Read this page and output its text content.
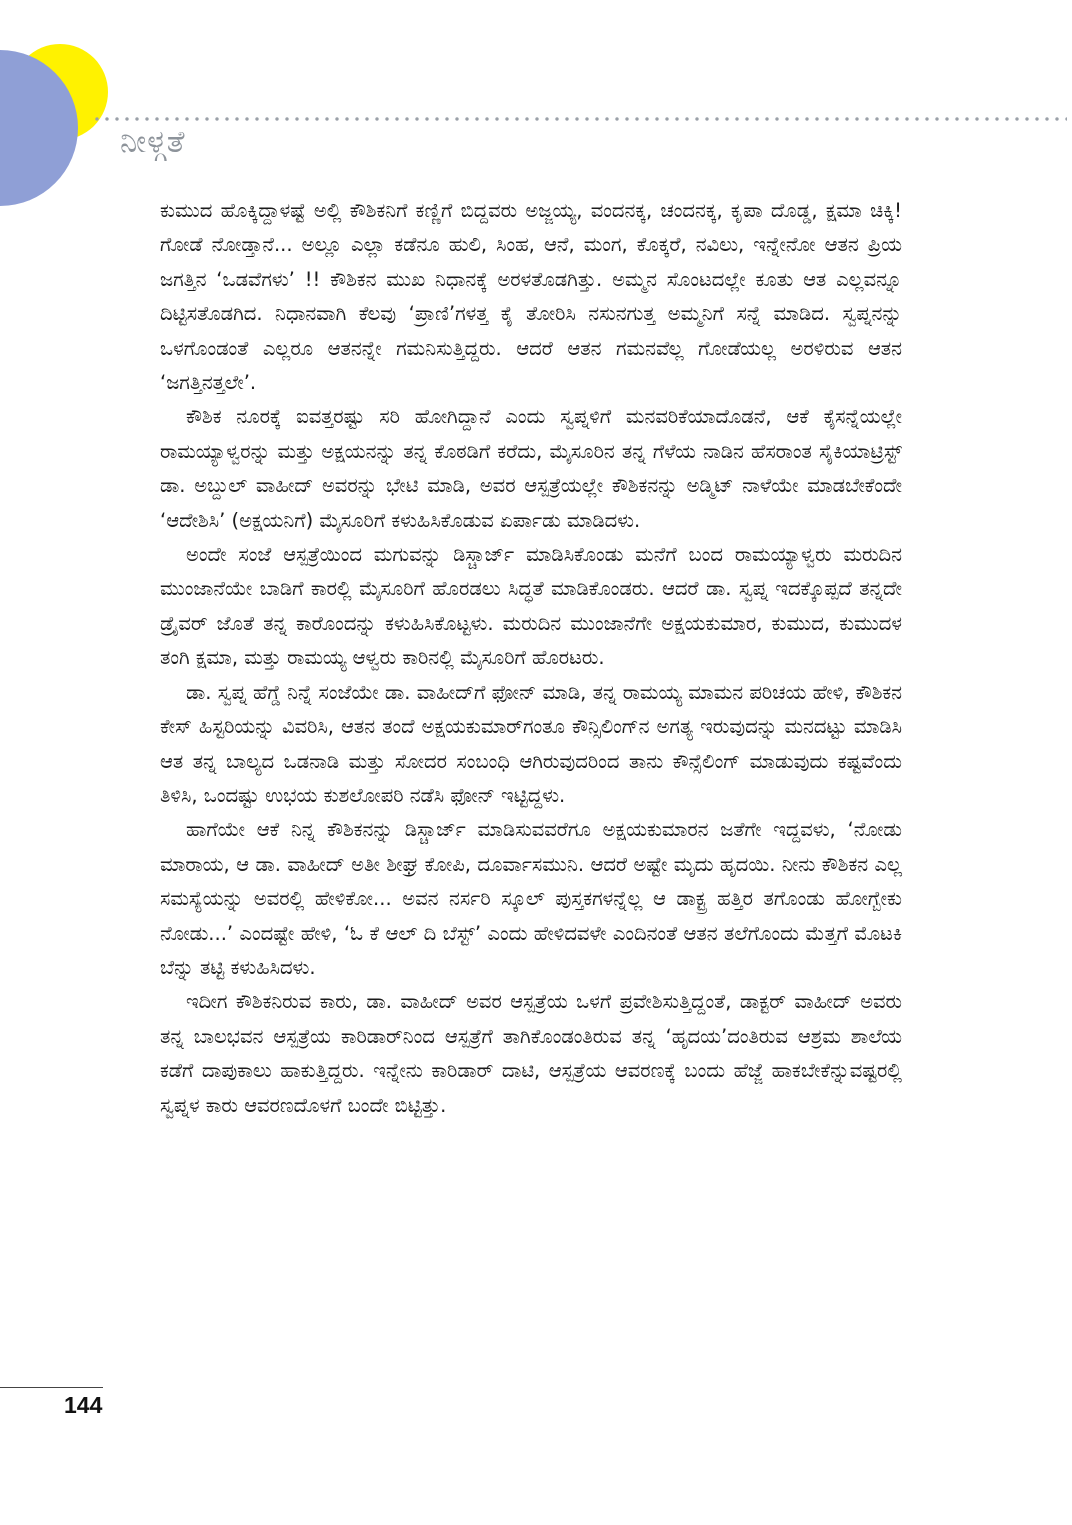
ನೀಳ್ಗತೆ

ಕುಮುದ ಹೊಕ್ಕಿದ್ದಾಳಷ್ಟೆ ಅಲ್ಲಿ ಕೌಶಿಕನಿಗೆ ಕಣ್ಣಿಗೆ ಬಿದ್ದವರು ಅಜ್ಜಯ್ಯ, ವಂದನಕ್ಕ, ಚಂದನಕ್ಕ, ಕೃಪಾ ದೊಡ್ಡ, ಕ್ಷಮಾ ಚಿಕ್ಕಿ! ಗೋಡೆ ನೋಡ್ತಾನೆ... ಅಲ್ಲೂ ಎಲ್ಲಾ ಕಡೆನೂ ಹುಲಿ, ಸಿಂಹ, ಆನೆ, ಮಂಗ, ಕೊಕ್ಕರೆ, ನವಿಲು, ಇನ್ನೇನೋ ಆತನ ಪ್ರಿಯ ಜಗತ್ತಿನ ‘ಒಡವೆಗಳು’ !! ಕೌಶಿಕನ ಮುಖ ನಿಧಾನಕ್ಕೆ ಅರಳತೊಡಗಿತ್ತು. ಅಮ್ಮನ ಸೊಂಟದಲ್ಲೇ ಕೂತು ಆತ ಎಲ್ಲವನ್ನೂ ದಿಟ್ಟಿಸತೊಡಗಿದ. ನಿಧಾನವಾಗಿ ಕೆಲವು ‘ಪ್ರಾಣಿ’ಗಳತ್ತ ಕೈ ತೋರಿಸಿ ನಸುನಗುತ್ತ ಅಮ್ಮನಿಗೆ ಸನ್ನೆ ಮಾಡಿದ. ಸ್ವಪ್ನನನ್ನು ಒಳಗೊಂಡಂತೆ ಎಲ್ಲರೂ ಆತನನ್ನೇ ಗಮನಿಸುತ್ತಿದ್ದರು. ಆದರೆ ಆತನ ಗಮನವೆಲ್ಲ ಗೋಡೆಯಲ್ಲ ಅರಳಿರುವ ಆತನ ‘ಜಗತ್ತಿನತ್ತಲೇ’.

ಕೌಶಿಕ ನೂರಕ್ಕೆ ಐವತ್ತರಷ್ಟು ಸರಿ ಹೋಗಿದ್ದಾನೆ ಎಂದು ಸ್ವಪ್ನಳಿಗೆ ಮನವರಿಕೆಯಾದೊಡನೆ, ಆಕೆ ಕೈಸನ್ನೆಯಲ್ಲೇ ರಾಮಯ್ಯಾಳ್ವರನ್ನು ಮತ್ತು ಅಕ್ಷಯನನ್ನು ತನ್ನ ಕೊಠಡಿಗೆ ಕರೆದು, ಮೈಸೂರಿನ ತನ್ನ ಗೆಳೆಯ ನಾಡಿನ ಹೆಸರಾಂತ ಸೈಕಿಯಾಟ್ರಿಸ್ಟ್ ಡಾ. ಅಬ್ದುಲ್ ವಾಹೀದ್ ಅವರನ್ನು ಭೇಟಿ ಮಾಡಿ, ಅವರ ಆಸ್ಪತ್ರೆಯಲ್ಲೇ ಕೌಶಿಕನನ್ನು ಅಡ್ಮಿಟ್ ನಾಳೆಯೇ ಮಾಡಬೇಕೆಂದೇ ‘ಆದೇಶಿಸಿ’ (ಅಕ್ಷಯನಿಗೆ) ಮೈಸೂರಿಗೆ ಕಳುಹಿಸಿಕೊಡುವ ಏರ್ಪಾಡು ಮಾಡಿದಳು.

ಅಂದೇ ಸಂಜೆ ಆಸ್ಪತ್ರೆಯಿಂದ ಮಗುವನ್ನು ಡಿಸ್ಚಾರ್ಜ್ ಮಾಡಿಸಿಕೊಂಡು ಮನೆಗೆ ಬಂದ ರಾಮಯ್ಯಾಳ್ವರು ಮರುದಿನ ಮುಂಜಾನೆಯೇ ಬಾಡಿಗೆ ಕಾರಲ್ಲಿ ಮೈಸೂರಿಗೆ ಹೊರಡಲು ಸಿದ್ಧತೆ ಮಾಡಿಕೊಂಡರು. ಆದರೆ ಡಾ. ಸ್ವಪ್ನ ಇದಕ್ಕೊಪ್ಪದೆ ತನ್ನದೇ ಡ್ರೈವರ್ ಜೊತೆ ತನ್ನ ಕಾರೊಂದನ್ನು ಕಳುಹಿಸಿಕೊಟ್ಟಳು. ಮರುದಿನ ಮುಂಜಾನೆಗೇ ಅಕ್ಷಯಕುಮಾರ, ಕುಮುದ, ಕುಮುದಳ ತಂಗಿ ಕ್ಷಮಾ, ಮತ್ತು ರಾಮಯ್ಯ ಆಳ್ವರು ಕಾರಿನಲ್ಲಿ ಮೈಸೂರಿಗೆ ಹೊರಟರು.

ಡಾ. ಸ್ವಪ್ನ ಹೆಗ್ಡೆ ನಿನ್ನೆ ಸಂಜೆಯೇ ಡಾ. ವಾಹೀದ್‌ಗೆ ಫೋನ್ ಮಾಡಿ, ತನ್ನ ರಾಮಯ್ಯ ಮಾಮನ ಪರಿಚಯ ಹೇಳಿ, ಕೌಶಿಕನ ಕೇಸ್ ಹಿಸ್ಟರಿಯನ್ನು ವಿವರಿಸಿ, ಆತನ ತಂದೆ ಅಕ್ಷಯಕುಮಾರ್‌ಗಂತೂ ಕೌನ್ಸಿಲಿಂಗ್‌ನ ಅಗತ್ಯ ಇರುವುದನ್ನು ಮನದಟ್ಟು ಮಾಡಿಸಿ ಆತ ತನ್ನ ಬಾಲ್ಯದ ಒಡನಾಡಿ ಮತ್ತು ಸೋದರ ಸಂಬಂಧಿ ಆಗಿರುವುದರಿಂದ ತಾನು ಕೌನ್ಸೆಲಿಂಗ್ ಮಾಡುವುದು ಕಷ್ಟವೆಂದು ತಿಳಿಸಿ, ಒಂದಷ್ಟು ಉಭಯ ಕುಶಲೋಪರಿ ನಡೆಸಿ ಫೋನ್ ಇಟ್ಟಿದ್ದಳು.

ಹಾಗೆಯೇ ಆಕೆ ನಿನ್ನ ಕೌಶಿಕನನ್ನು ಡಿಸ್ಚಾರ್ಜ್ ಮಾಡಿಸುವವರೆಗೂ ಅಕ್ಷಯಕುಮಾರನ ಜತೆಗೇ ಇದ್ದವಳು, ‘ನೋಡು ಮಾರಾಯ, ಆ ಡಾ. ವಾಹೀದ್ ಅತೀ ಶೀಘ್ರ ಕೋಪಿ, ದೂರ್ವಾಸಮುನಿ. ಆದರೆ ಅಷ್ಟೇ ಮೃದು ಹೃದಯಿ. ನೀನು ಕೌಶಿಕನ ಎಲ್ಲ ಸಮಸ್ಯೆಯನ್ನು ಅವರಲ್ಲಿ ಹೇಳಿಕೋ... ಅವನ ನರ್ಸರಿ ಸ್ಕೂಲ್ ಪುಸ್ತಕಗಳನ್ನೆಲ್ಲ ಆ ಡಾಕ್ಟ್ರ ಹತ್ತಿರ ತಗೊಂಡು ಹೋಗ್ಬೇಕು ನೋಡು...’ ಎಂದಷ್ಟೇ ಹೇಳಿ, ‘ಓ ಕೆ ಆಲ್ ದಿ ಬೆಸ್ಟ್’ ಎಂದು ಹೇಳಿದವಳೇ ಎಂದಿನಂತೆ ಆತನ ತಲೆಗೊಂದು ಮೆತ್ತಗೆ ಮೊಟಕಿ ಬೆನ್ನು ತಟ್ಟಿ ಕಳುಹಿಸಿದಳು.

ಇದೀಗ ಕೌಶಿಕನಿರುವ ಕಾರು, ಡಾ. ವಾಹೀದ್ ಅವರ ಆಸ್ಪತ್ರೆಯ ಒಳಗೆ ಪ್ರವೇಶಿಸುತ್ತಿದ್ದಂತೆ, ಡಾಕ್ಟರ್ ವಾಹೀದ್ ಅವರು ತನ್ನ ಬಾಲಭವನ ಆಸ್ಪತ್ರೆಯ ಕಾರಿಡಾರ್‌ನಿಂದ ಆಸ್ಪತ್ರೆಗೆ ತಾಗಿಕೊಂಡಂತಿರುವ ತನ್ನ ‘ಹೃದಯ’ದಂತಿರುವ ಆಶ್ರಮ ಶಾಲೆಯ ಕಡೆಗೆ ದಾಪುಕಾಲು ಹಾಕುತ್ತಿದ್ದರು. ಇನ್ನೇನು ಕಾರಿಡಾರ್ ದಾಟಿ, ಆಸ್ಪತ್ರೆಯ ಆವರಣಕ್ಕೆ ಬಂದು ಹೆಜ್ಜೆ ಹಾಕಬೇಕೆನ್ನುವಷ್ಟರಲ್ಲಿ ಸ್ವಪ್ನಳ ಕಾರು ಆವರಣದೊಳಗೆ ಬಂದೇ ಬಿಟ್ಟಿತ್ತು.

144
